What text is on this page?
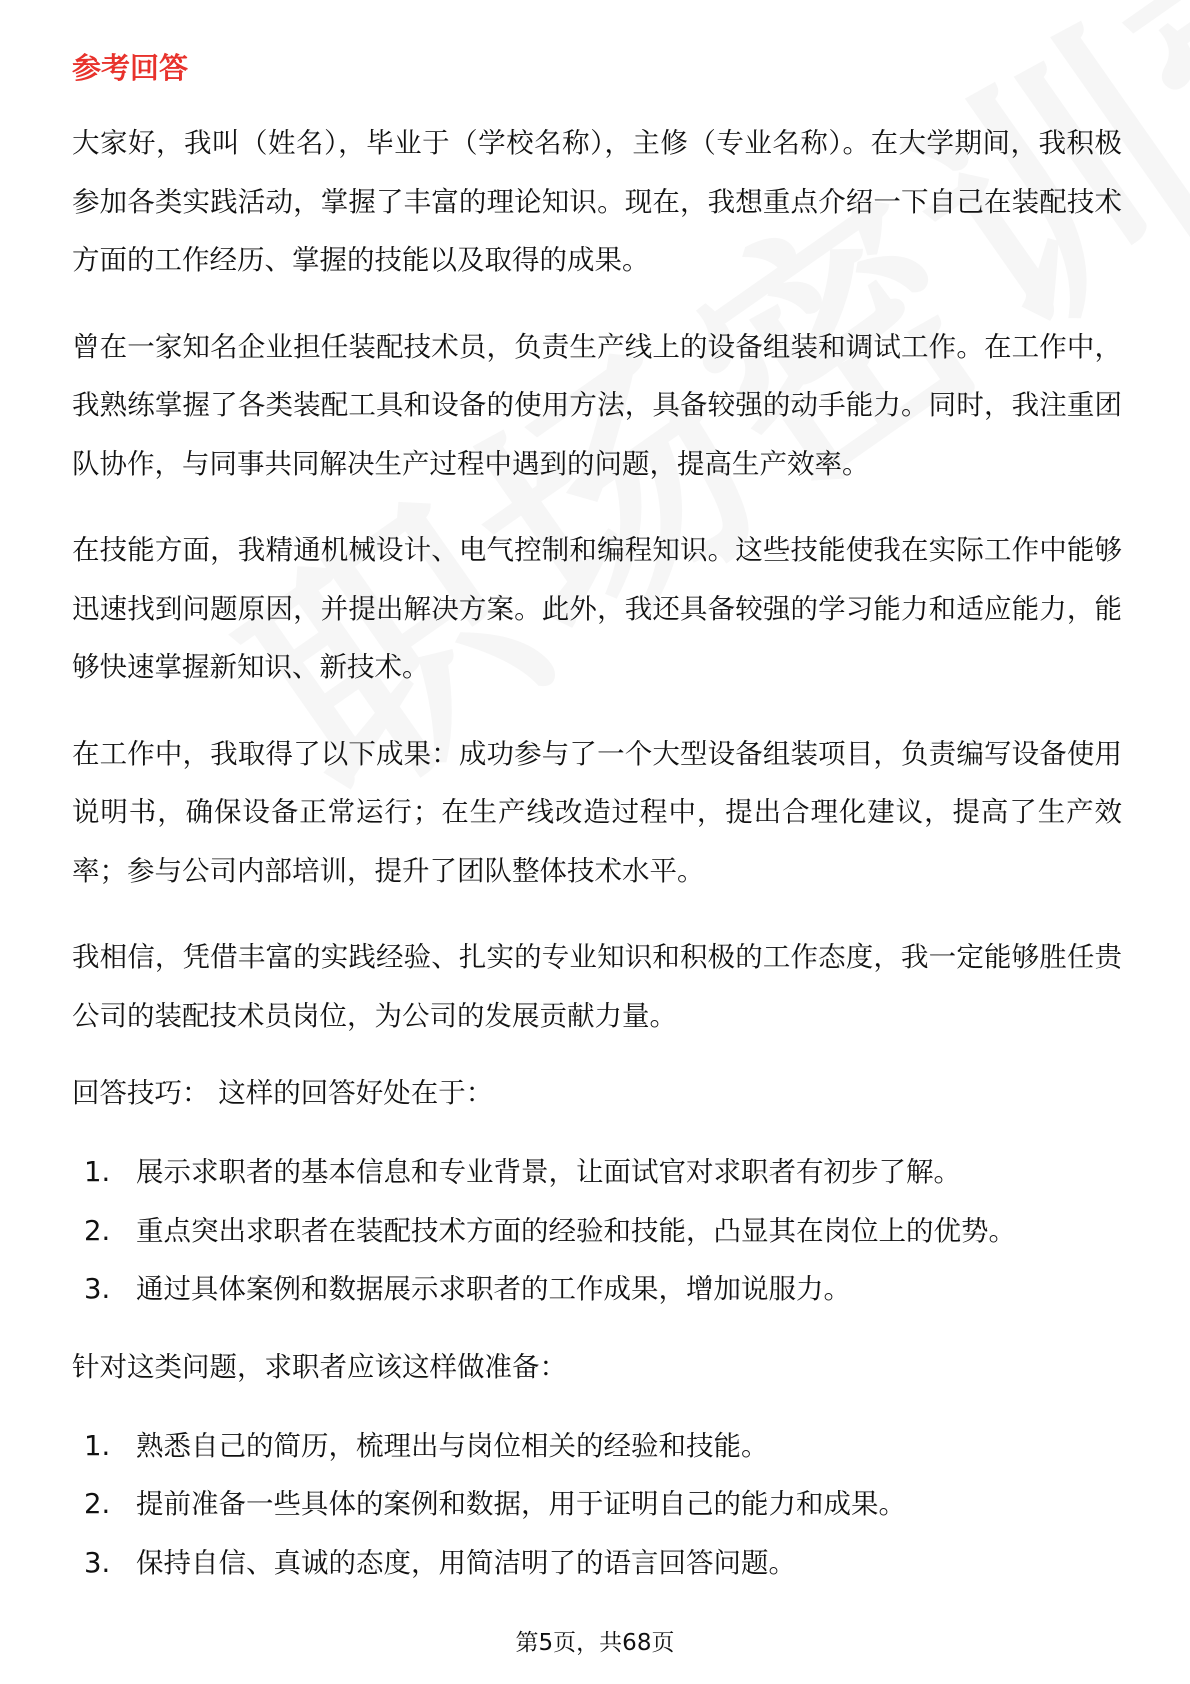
参考回答

大家好，我叫（姓名），毕业于（学校名称），主修（专业名称）。在大学期间，我积极参加各类实践活动，掌握了丰富的理论知识。现在，我想重点介绍一下自己在装配技术方面的工作经历、掌握的技能以及取得的成果。

曾在一家知名企业担任装配技术员，负责生产线上的设备组装和调试工作。在工作中，我熟练掌握了各类装配工具和设备的使用方法，具备较强的动手能力。同时，我注重团队协作，与同事共同解决生产过程中遇到的问题，提高生产效率。

在技能方面，我精通机械设计、电气控制和编程知识。这些技能使我在实际工作中能够迅速找到问题原因，并提出解决方案。此外，我还具备较强的学习能力和适应能力，能够快速掌握新知识、新技术。

在工作中，我取得了以下成果：成功参与了一个大型设备组装项目，负责编写设备使用说明书，确保设备正常运行；在生产线改造过程中，提出合理化建议，提高了生产效率；参与公司内部培训，提升了团队整体技术水平。

我相信，凭借丰富的实践经验、扎实的专业知识和积极的工作态度，我一定能够胜任贵公司的装配技术员岗位，为公司的发展贡献力量。

回答技巧： 这样的回答好处在于：
1. 展示求职者的基本信息和专业背景，让面试官对求职者有初步了解。
2. 重点突出求职者在装配技术方面的经验和技能，凸显其在岗位上的优势。
3. 通过具体案例和数据展示求职者的工作成果，增加说服力。
针对这类问题，求职者应该这样做准备：
1. 熟悉自己的简历，梳理出与岗位相关的经验和技能。
2. 提前准备一些具体的案例和数据，用于证明自己的能力和成果。
3. 保持自信、真诚的态度，用简洁明了的语言回答问题。
第5页，共68页
